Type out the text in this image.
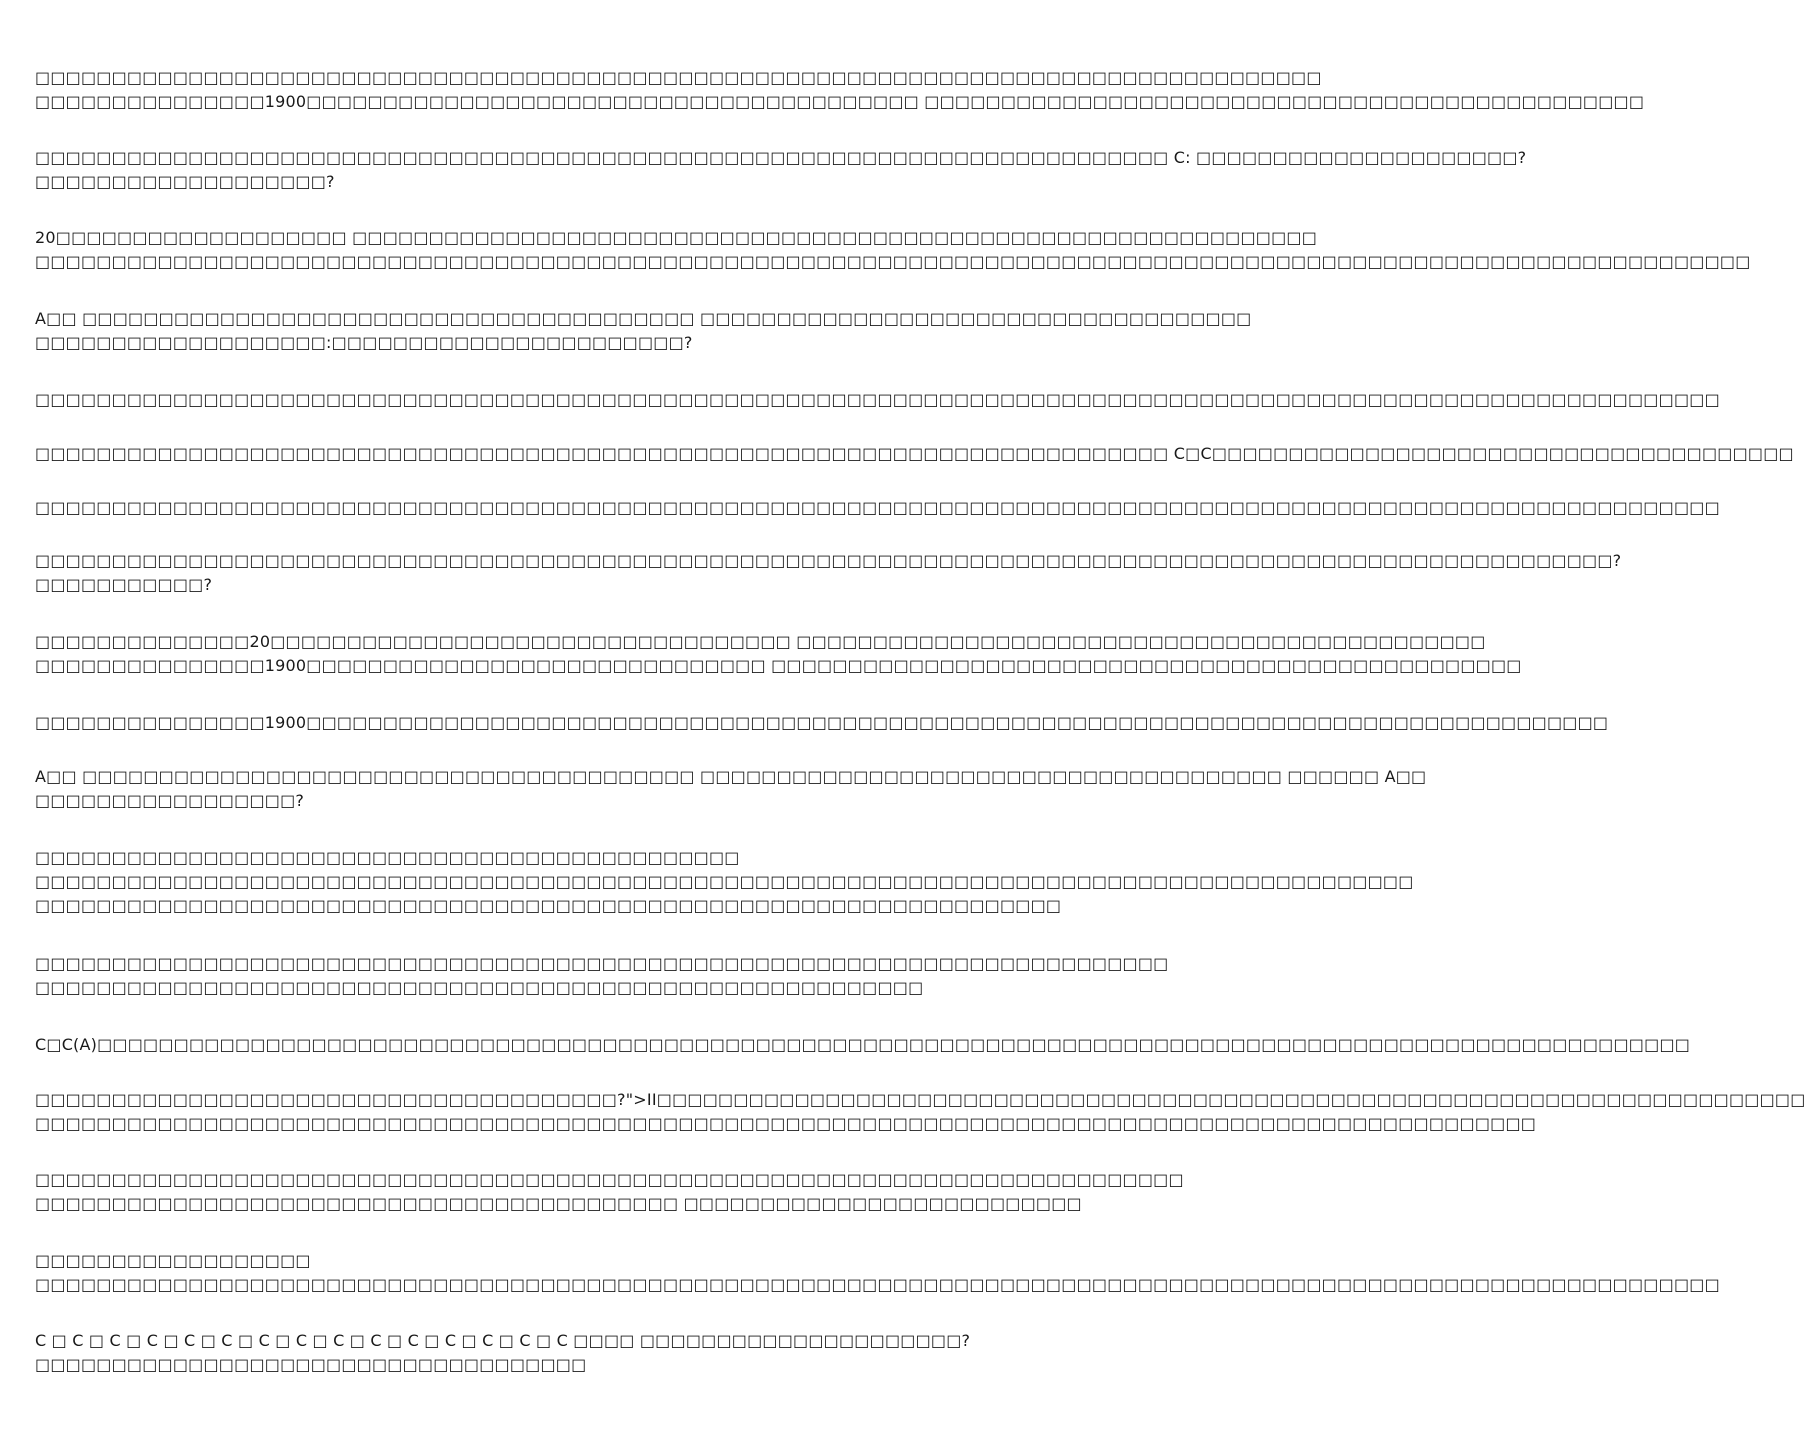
□□□□□□□□□□□□□□□□□□□□□□□□□□□□□□□□□□□□□□□□□□□□□□□□□□□□□□□□□□□□□□□□□□□□□□□□□□□□□□□□□□□□
□□□□□□□□□□□□□□□1900□□□□□□□□□□□□□□□□□□□□□□□□□□□□□□□□□□□□□□□□ □□□□□□□□□□□□□□□□□□□□□□□□□□□□□□□□□□□□□□□□□□□□□□□
□□□□□□□□□□□□□□□□□□□□□□□□□□□□□□□□□□□□□□□□□□□□□□□□□□□□□□□□□□□□□□□□□□□□□□□□□□ C: □□□□□□□□□□□□□□□□□□□□□?
□□□□□□□□□□□□□□□□□□□?
20□□□□□□□□□□□□□□□□□□□ □□□□□□□□□□□□□□□□□□□□□□□□□□□□□□□□□□□□□□□□□□□□□□□□□□□□□□□□□□□□□□□
□□□□□□□□□□□□□□□□□□□□□□□□□□□□□□□□□□□□□□□□□□□□□□□□□□□□□□□□□□□□□□□□□□□□□□□□□□□□□□□□□□□□□□□□□□□□□□□□□□□□□□□□□□□□□□□□
A□□ □□□□□□□□□□□□□□□□□□□□□□□□□□□□□□□□□□□□□□□□ □□□□□□□□□□□□□□□□□□□□□□□□□□□□□□□□□□□□
□□□□□□□□□□□□□□□□□□□:□□□□□□□□□□□□□□□□□□□□□□□?
□□□□□□□□□□□□□□□□□□□□□□□□□□□□□□□□□□□□□□□□□□□□□□□□□□□□□□□□□□□□□□□□□□□□□□□□□□□□□□□□□□□□□□□□□□□□□□□□□□□□□□□□□□□□□□
□□□□□□□□□□□□□□□□□□□□□□□□□□□□□□□□□□□□□□□□□□□□□□□□□□□□□□□□□□□□□□□□□□□□□□□□□□ C□C□□□□□□□□□□□□□□□□□□□□□□□□□□□□□□□□□□□□□□
□□□□□□□□□□□□□□□□□□□□□□□□□□□□□□□□□□□□□□□□□□□□□□□□□□□□□□□□□□□□□□□□□□□□□□□□□□□□□□□□□□□□□□□□□□□□□□□□□□□□□□□□□□□□□□
□□□□□□□□□□□□□□□□□□□□□□□□□□□□□□□□□□□□□□□□□□□□□□□□□□□□□□□□□□□□□□□□□□□□□□□□□□□□□□□□□□□□□□□□□□□□□□□□□□□□□□□?
□□□□□□□□□□□?
□□□□□□□□□□□□□□20□□□□□□□□□□□□□□□□□□□□□□□□□□□□□□□□□□ □□□□□□□□□□□□□□□□□□□□□□□□□□□□□□□□□□□□□□□□□□□□□
□□□□□□□□□□□□□□□1900□□□□□□□□□□□□□□□□□□□□□□□□□□□□□□ □□□□□□□□□□□□□□□□□□□□□□□□□□□□□□□□□□□□□□□□□□□□□□□□□
□□□□□□□□□□□□□□□1900□□□□□□□□□□□□□□□□□□□□□□□□□□□□□□□□□□□□□□□□□□□□□□□□□□□□□□□□□□□□□□□□□□□□□□□□□□□□□□□□□□□□□
A□□ □□□□□□□□□□□□□□□□□□□□□□□□□□□□□□□□□□□□□□□□ □□□□□□□□□□□□□□□□□□□□□□□□□□□□□□□□□□□□□□ □□□□□□ A□□
□□□□□□□□□□□□□□□□□?
□□□□□□□□□□□□□□□□□□□□□□□□□□□□□□□□□□□□□□□□□□□□□□
□□□□□□□□□□□□□□□□□□□□□□□□□□□□□□□□□□□□□□□□□□□□□□□□□□□□□□□□□□□□□□□□□□□□□□□□□□□□□□□□□□□□□□□□□□
□□□□□□□□□□□□□□□□□□□□□□□□□□□□□□□□□□□□□□□□□□□□□□□□□□□□□□□□□□□□□□□□□□□
□□□□□□□□□□□□□□□□□□□□□□□□□□□□□□□□□□□□□□□□□□□□□□□□□□□□□□□□□□□□□□□□□□□□□□□□□□
□□□□□□□□□□□□□□□□□□□□□□□□□□□□□□□□□□□□□□□□□□□□□□□□□□□□□□□□□□
C□C(A)□□□□□□□□□□□□□□□□□□□□□□□□□□□□□□□□□□□□□□□□□□□□□□□□□□□□□□□□□□□□□□□□□□□□□□□□□□□□□□□□□□□□□□□□□□□□□□□□□□□□□□□□
□□□□□□□□□□□□□□□□□□□□□□□□□□□□□□□□□□□□□□?">II□□□□□□□□□□□□□□□□□□□□□□□□□□□□□□□□□□□□□□□□□□□□□□□□□□□□□□□□□□□□□□□□□□□□□□□□□□□
□□□□□□□□□□□□□□□□□□□□□□□□□□□□□□□□□□□□□□□□□□□□□□□□□□□□□□□□□□□□□□□□□□□□□□□□□□□□□□□□□□□□□□□□□□□□□□□□□□
□□□□□□□□□□□□□□□□□□□□□□□□□□□□□□□□□□□□□□□□□□□□□□□□□□□□□□□□□□□□□□□□□□□□□□□□□□□
□□□□□□□□□□□□□□□□□□□□□□□□□□□□□□□□□□□□□□□□□□ □□□□□□□□□□□□□□□□□□□□□□□□□□
□□□□□□□□□□□□□□□□□□
□□□□□□□□□□□□□□□□□□□□□□□□□□□□□□□□□□□□□□□□□□□□□□□□□□□□□□□□□□□□□□□□□□□□□□□□□□□□□□□□□□□□□□□□□□□□□□□□□□□□□□□□□□□□□□
C □ C □ C □ C □ C □ C □ C □ C □ C □ C □ C □ C □ C □ C □ C □□□□ □□□□□□□□□□□□□□□□□□□□□?
□□□□□□□□□□□□□□□□□□□□□□□□□□□□□□□□□□□□
